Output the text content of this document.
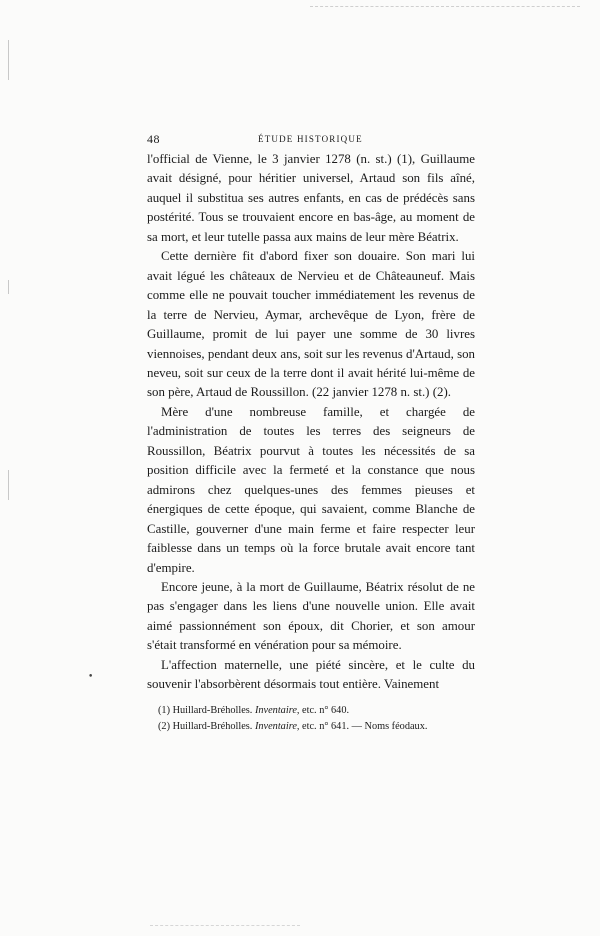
48	ÉTUDE HISTORIQUE

l'official de Vienne, le 3 janvier 1278 (n. st.) (1), Guillaume avait désigné, pour héritier universel, Artaud son fils aîné, auquel il substitua ses autres enfants, en cas de prédécès sans postérité. Tous se trouvaient encore en bas-âge, au moment de sa mort, et leur tutelle passa aux mains de leur mère Béatrix.

Cette dernière fit d'abord fixer son douaire. Son mari lui avait légué les châteaux de Nervieu et de Châteauneuf. Mais comme elle ne pouvait toucher immédiatement les revenus de la terre de Nervieu, Aymar, archevêque de Lyon, frère de Guillaume, promit de lui payer une somme de 30 livres viennoises, pendant deux ans, soit sur les revenus d'Artaud, son neveu, soit sur ceux de la terre dont il avait hérité lui-même de son père, Artaud de Roussillon. (22 janvier 1278 n. st.) (2).

Mère d'une nombreuse famille, et chargée de l'administration de toutes les terres des seigneurs de Roussillon, Béatrix pourvut à toutes les nécessités de sa position difficile avec la fermeté et la constance que nous admirons chez quelques-unes des femmes pieuses et énergiques de cette époque, qui savaient, comme Blanche de Castille, gouverner d'une main ferme et faire respecter leur faiblesse dans un temps où la force brutale avait encore tant d'empire.

Encore jeune, à la mort de Guillaume, Béatrix résolut de ne pas s'engager dans les liens d'une nouvelle union. Elle avait aimé passionnément son époux, dit Chorier, et son amour s'était transformé en vénération pour sa mémoire.

L'affection maternelle, une piété sincère, et le culte du souvenir l'absorbèrent désormais tout entière. Vainement

•
(1) Huillard-Bréholles. Inventaire, etc. n° 640.
(2) Huillard-Bréholles. Inventaire, etc. n° 641. — Noms féodaux.
